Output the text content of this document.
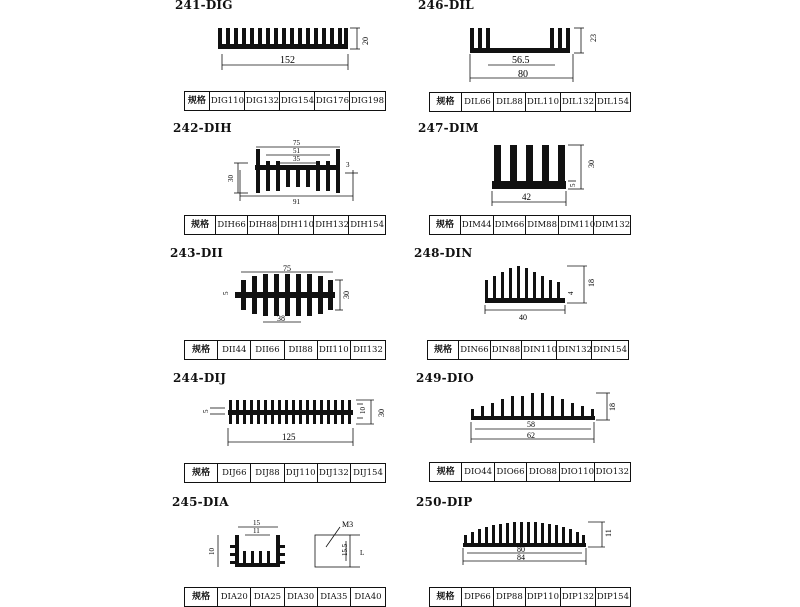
241-DIG	246-DIL
242-DIH	247-DIM
243-DII	248-DIN
244-DIJ	249-DIO
245-DIA	250-DIP
152
20
56.5
80
23
75
51
35
91
30
3
42
30
5
75
38
30
5
40
18
4
125
30
10
5
58
62
18
15
11
10
M3
15.5 L	80
84
11
规格 DIG110 DIG132 DIG154 DIG176 DIG198
规格 DIH66 DIH88 DIH110 DIH132 DIH154
规格	DII44	DII66	DII88 DII110 DII132
规格	DIJ66	DIJ88 DIJ110 DIJ132 DIJ154
规格	DIA20 DIA25 DIA30 DIA35 DIA40
规格	DIL66 DIL88 DIL110 DIL132 DIL154
规格 DIM44 DIM66 DIM88 DIM110 DIM132
规格 DIN66 DIN88 DIN110 DIN132 DIN154
规格	DIO44 DIO66 DIO88 DIO110 DIO132
规格	DIP66 DIP88 DIP110 DIP132 DIP154
